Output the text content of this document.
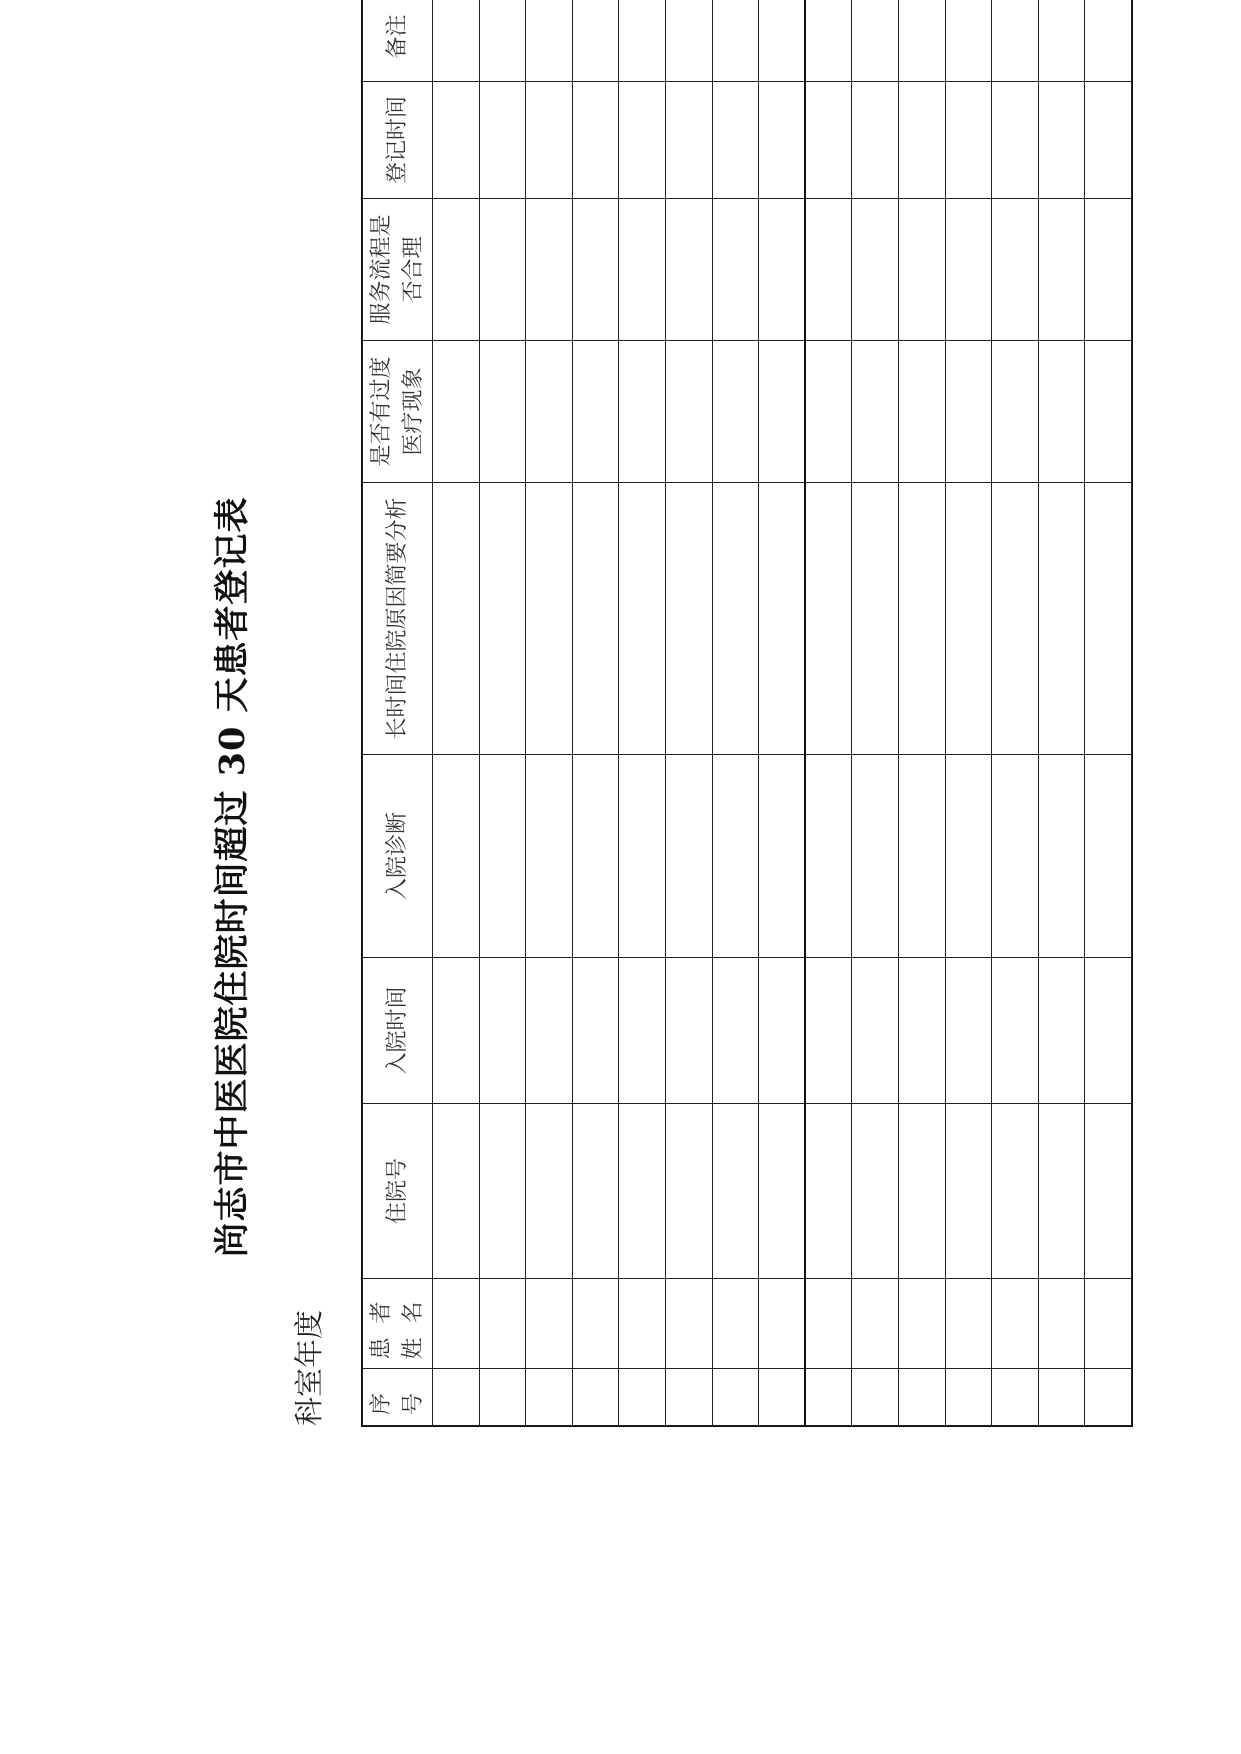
尚志市中医医院住院时间超过 30 天患者登记表
科室年度 序号	患者姓名	住院号	入院时间	入院诊断	长时间住院原因简要分析	是否有过度医疗现象	服务流程是否合理	登记时间	备注
